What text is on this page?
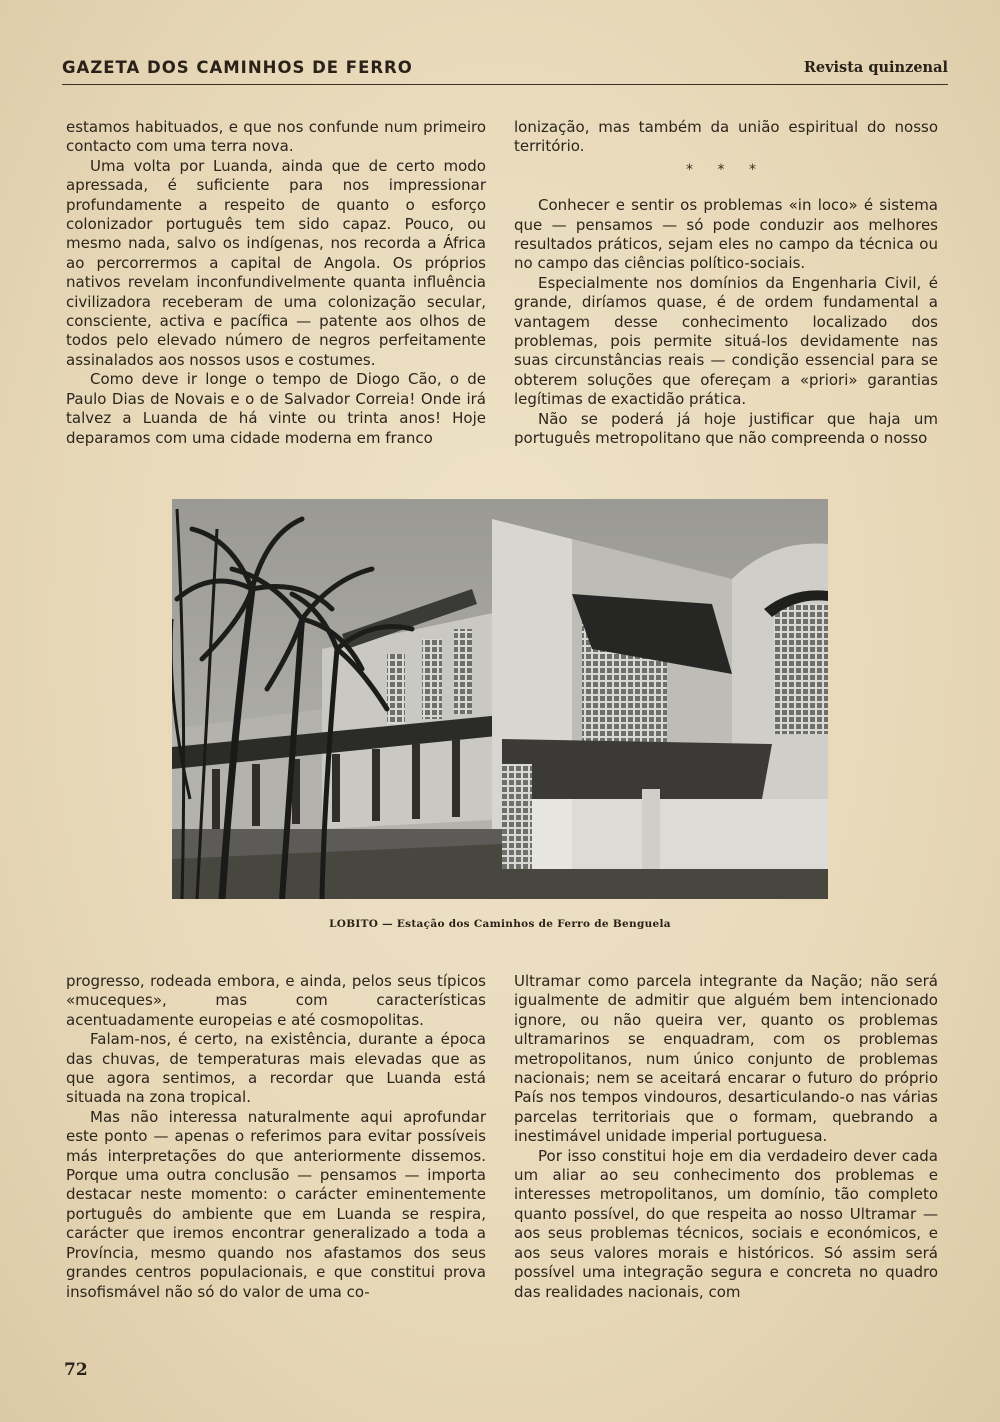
GAZETA DOS CAMINHOS DE FERRO	Revista quinzenal

estamos habituados, e que nos confunde num primeiro contacto com uma terra nova.

Uma volta por Luanda, ainda que de certo modo apressada, é suficiente para nos impressionar profundamente a respeito de quanto o esforço colonizador português tem sido capaz. Pouco, ou mesmo nada, salvo os indígenas, nos recorda a África ao percorrermos a capital de Angola. Os próprios nativos revelam inconfundivelmente quanta influência civilizadora receberam de uma colonização secular, consciente, activa e pacífica — patente aos olhos de todos pelo elevado número de negros perfeitamente assinalados aos nossos usos e costumes.

Como deve ir longe o tempo de Diogo Cão, o de Paulo Dias de Novais e o de Salvador Correia! Onde irá talvez a Luanda de há vinte ou trinta anos! Hoje deparamos com uma cidade moderna em franco

lonização, mas também da união espiritual do nosso território.

* * *

Conhecer e sentir os problemas «in loco» é sistema que — pensamos — só pode conduzir aos melhores resultados práticos, sejam eles no campo da técnica ou no campo das ciências político-sociais.

Especialmente nos domínios da Engenharia Civil, é grande, diríamos quase, é de ordem fundamental a vantagem desse conhecimento localizado dos problemas, pois permite situá-los devidamente nas suas circunstâncias reais — condição essencial para se obterem soluções que ofereçam a «priori» garantias legítimas de exactidão prática.

Não se poderá já hoje justificar que haja um português metropolitano que não compreenda o nosso

LOBITO — Estação dos Caminhos de Ferro de Benguela

progresso, rodeada embora, e ainda, pelos seus típicos «muceques», mas com características acentuadamente europeias e até cosmopolitas.

Falam-nos, é certo, na existência, durante a época das chuvas, de temperaturas mais elevadas que as que agora sentimos, a recordar que Luanda está situada na zona tropical.

Mas não interessa naturalmente aqui aprofundar este ponto — apenas o referimos para evitar possíveis más interpretações do que anteriormente dissemos. Porque uma outra conclusão — pensamos — importa destacar neste momento: o carácter eminentemente português do ambiente que em Luanda se respira, carácter que iremos encontrar generalizado a toda a Província, mesmo quando nos afastamos dos seus grandes centros populacionais, e que constitui prova insofismável não só do valor de uma co-

Ultramar como parcela integrante da Nação; não será igualmente de admitir que alguém bem intencionado ignore, ou não queira ver, quanto os problemas ultramarinos se enquadram, com os problemas metropolitanos, num único conjunto de problemas nacionais; nem se aceitará encarar o futuro do próprio País nos tempos vindouros, desarticulando-o nas várias parcelas territoriais que o formam, quebrando a inestimável unidade imperial portuguesa.

Por isso constitui hoje em dia verdadeiro dever cada um aliar ao seu conhecimento dos problemas e interesses metropolitanos, um domínio, tão completo quanto possível, do que respeita ao nosso Ultramar — aos seus problemas técnicos, sociais e económicos, e aos seus valores morais e históricos. Só assim será possível uma integração segura e concreta no quadro das realidades nacionais, com

72
